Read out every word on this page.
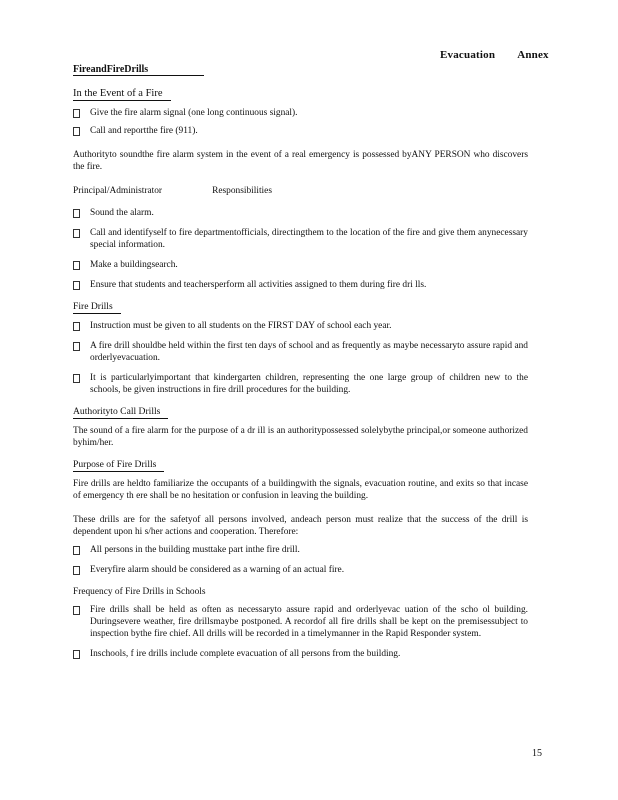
Evacuation Annex
FireandFireDrills
In the Event of a Fire
Give the fire alarm signal (one long continuous signal).
Call and reportthe fire (911).

Authorityto soundthe fire alarm system in the event of a real emergency is possessed byANY PERSON who discovers the fire.

Principal/Administrator	Responsibilities
Sound the alarm.
Call and identifyself to fire departmentofficials, directingthem to the location of the fire and give them anynecessary special information.
Make a buildingsearch.
Ensure that students and teachersperform all activities assigned to them during fire dri lls.
Fire Drills
Instruction must be given to all students on the FIRST DAY of school each year.
A fire drill shouldbe held within the first ten days of school and as frequently as maybe necessaryto assure rapid and orderlyevacuation.
It is particularlyimportant that kindergarten children, representing the one large group of children new to the schools, be given instructions in fire drill procedures for the building.
Authorityto Call Drills

The sound of a fire alarm for the purpose of a dr ill is an authoritypossessed solelybythe principal,or someone authorized byhim/her.

Purpose of Fire Drills

Fire drills are heldto familiarize the occupants of a buildingwith the signals, evacuation routine, and exits so that incase of emergency th ere shall be no hesitation or confusion in leaving the building.

These drills are for the safetyof all persons involved, andeach person must realize that the success of the drill is dependent upon hi s/her actions and cooperation. Therefore:

All persons in the building musttake part inthe fire drill.
Everyfire alarm should be considered as a warning of an actual fire.
Frequency of Fire Drills in Schools
Fire drills shall be held as often as necessaryto assure rapid and orderlyevac uation of the scho ol building. Duringsevere weather, fire drillsmaybe postponed. A recordof all fire drills shall be kept on the premisessubject to inspection bythe fire chief. All drills will be recorded in a timelymanner in the Rapid Responder system.
Inschools, f ire drills include complete evacuation of all persons from the building.
15
